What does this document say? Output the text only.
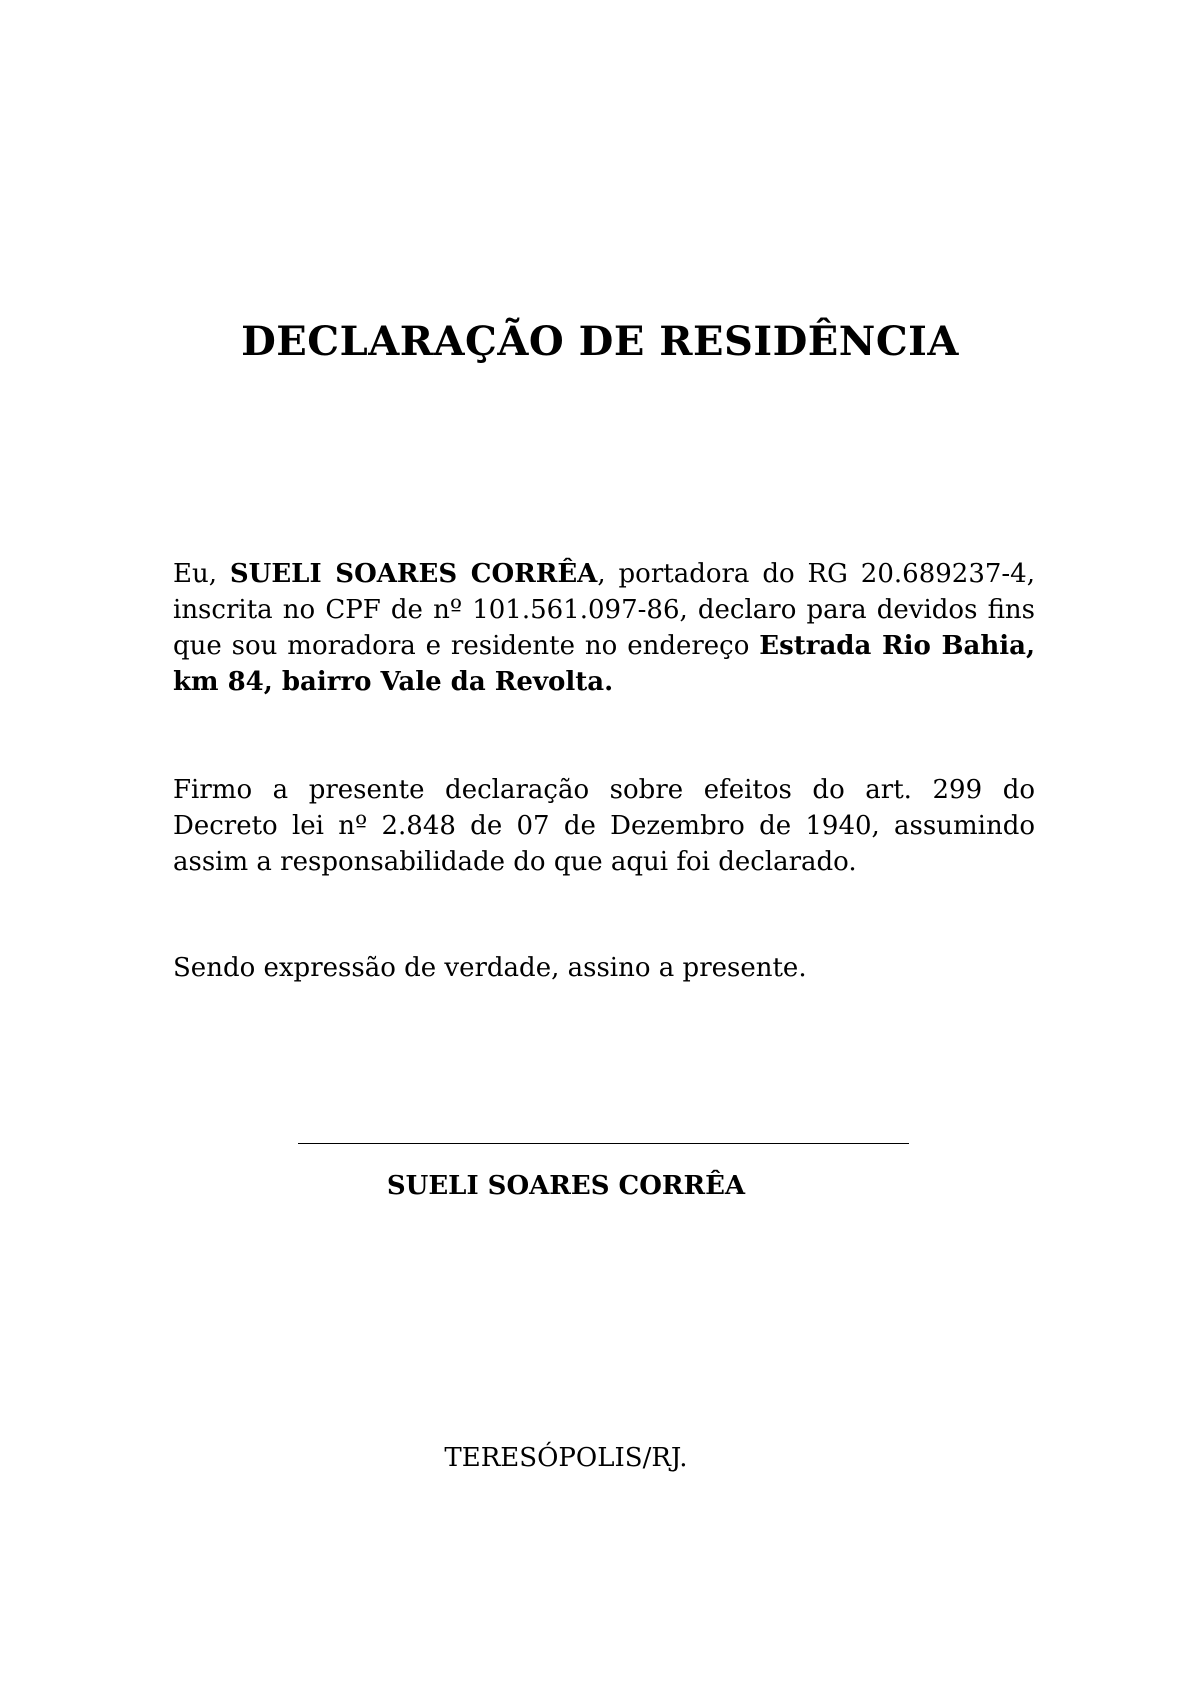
DECLARAÇÃO DE RESIDÊNCIA

Eu, SUELI SOARES CORRÊA, portadora do RG 20.689237-4, inscrita no CPF de nº 101.561.097-86, declaro para devidos fins que sou moradora e residente no endereço Estrada Rio Bahia, km 84, bairro Vale da Revolta.

Firmo a presente declaração sobre efeitos do art. 299 do Decreto lei nº 2.848 de 07 de Dezembro de 1940, assumindo assim a responsabilidade do que aqui foi declarado.

Sendo expressão de verdade, assino a presente.

SUELI SOARES CORRÊA

TERESÓPOLIS/RJ.
